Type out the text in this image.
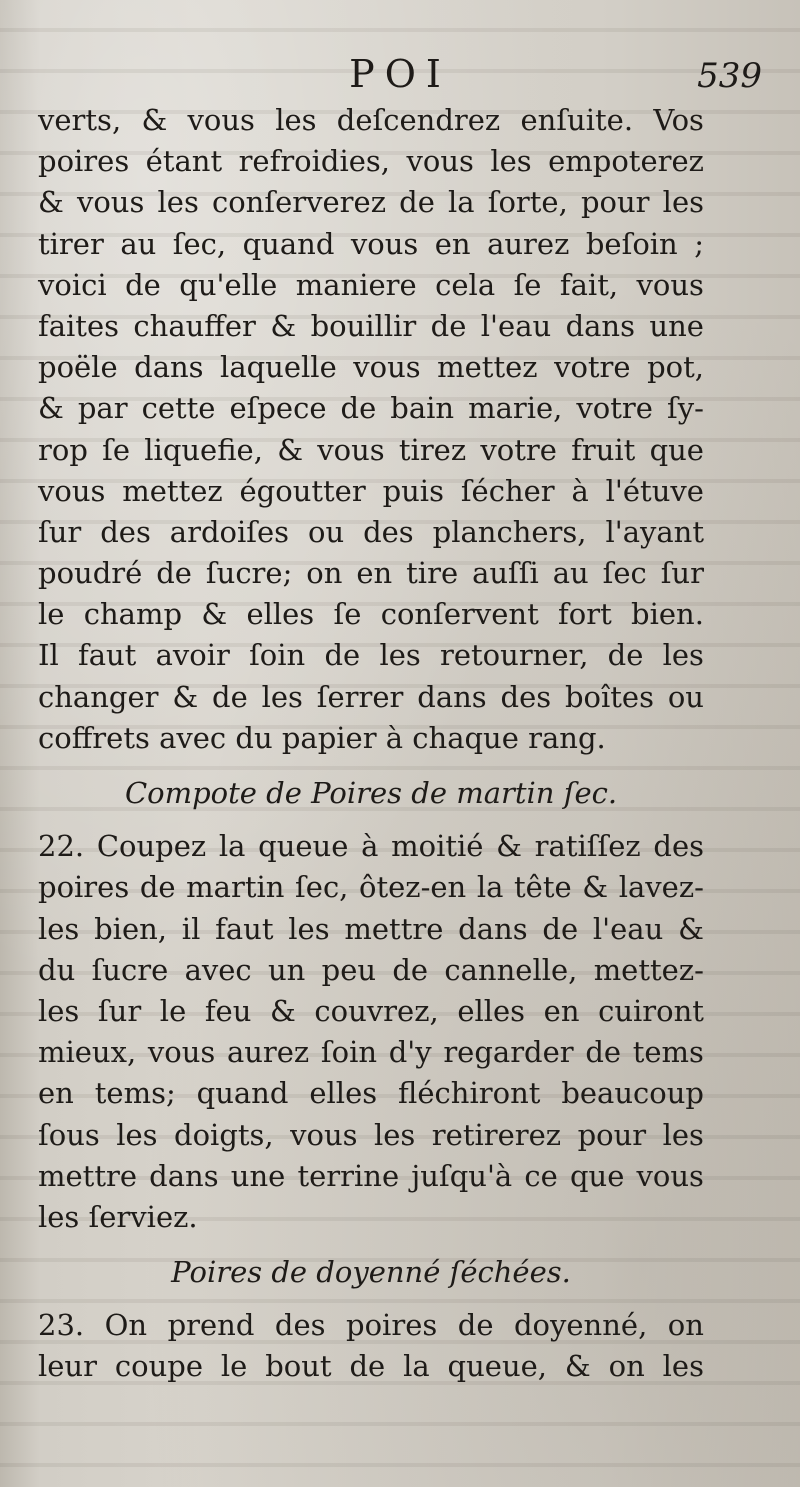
POI	539
verts, & vous les deſcendrez enſuite. Vos
poires étant refroidies, vous les empoterez
& vous les conſerverez de la ſorte, pour les
tirer au ſec, quand vous en aurez beſoin ;
voici de qu'elle maniere cela ſe fait, vous
faites chauffer & bouillir de l'eau dans une
poële dans laquelle vous mettez votre pot,
& par cette eſpece de bain marie, votre ſy-
rop ſe liquefie, & vous tirez votre fruit que
vous mettez égoutter puis ſécher à l'étuve
ſur des ardoiſes ou des planchers, l'ayant
poudré de ſucre; on en tire auſſi au ſec ſur
le champ & elles ſe conſervent fort bien.
Il faut avoir ſoin de les retourner, de les
changer & de les ſerrer dans des boîtes ou
coffrets avec du papier à chaque rang.
Compote de Poires de martin ſec.
22. Coupez la queue à moitié & ratiſſez des
poires de martin ſec, ôtez-en la tête & lavez-
les bien, il faut les mettre dans de l'eau &
du ſucre avec un peu de cannelle, mettez-
les ſur le feu & couvrez, elles en cuiront
mieux, vous aurez ſoin d'y regarder de tems
en tems; quand elles fléchiront beaucoup
ſous les doigts, vous les retirerez pour les
mettre dans une terrine juſqu'à ce que vous
les ſerviez.
Poires de doyenné ſéchées.
23. On prend des poires de doyenné, on
leur coupe le bout de la queue, & on les
